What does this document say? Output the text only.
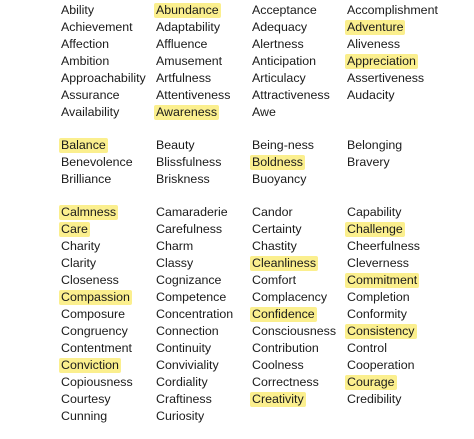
Ability
Achievement
Affection
Ambition
Approachability
Assurance
Availability
Balance
Benevolence
Brilliance
Calmness
Care
Charity
Clarity
Closeness
Compassion
Composure
Congruency
Contentment
Conviction
Copiousness
Courtesy
Cunning
Abundance
Adaptability
Affluence
Amusement
Artfulness
Attentiveness
Awareness
Beauty
Blissfulness
Briskness
Camaraderie
Carefulness
Charm
Classy
Cognizance
Competence
Concentration
Connection
Continuity
Conviviality
Cordiality
Craftiness
Curiosity
Acceptance
Adequacy
Alertness
Anticipation
Articulacy
Attractiveness
Awe
Being-ness
Boldness
Buoyancy
Candor
Certainty
Chastity
Cleanliness
Comfort
Complacency
Confidence
Consciousness
Contribution
Coolness
Correctness
Creativity
Accomplishment
Adventure
Aliveness
Appreciation
Assertiveness
Audacity
Belonging
Bravery
Capability
Challenge
Cheerfulness
Cleverness
Commitment
Completion
Conformity
Consistency
Control
Cooperation
Courage
Credibility
